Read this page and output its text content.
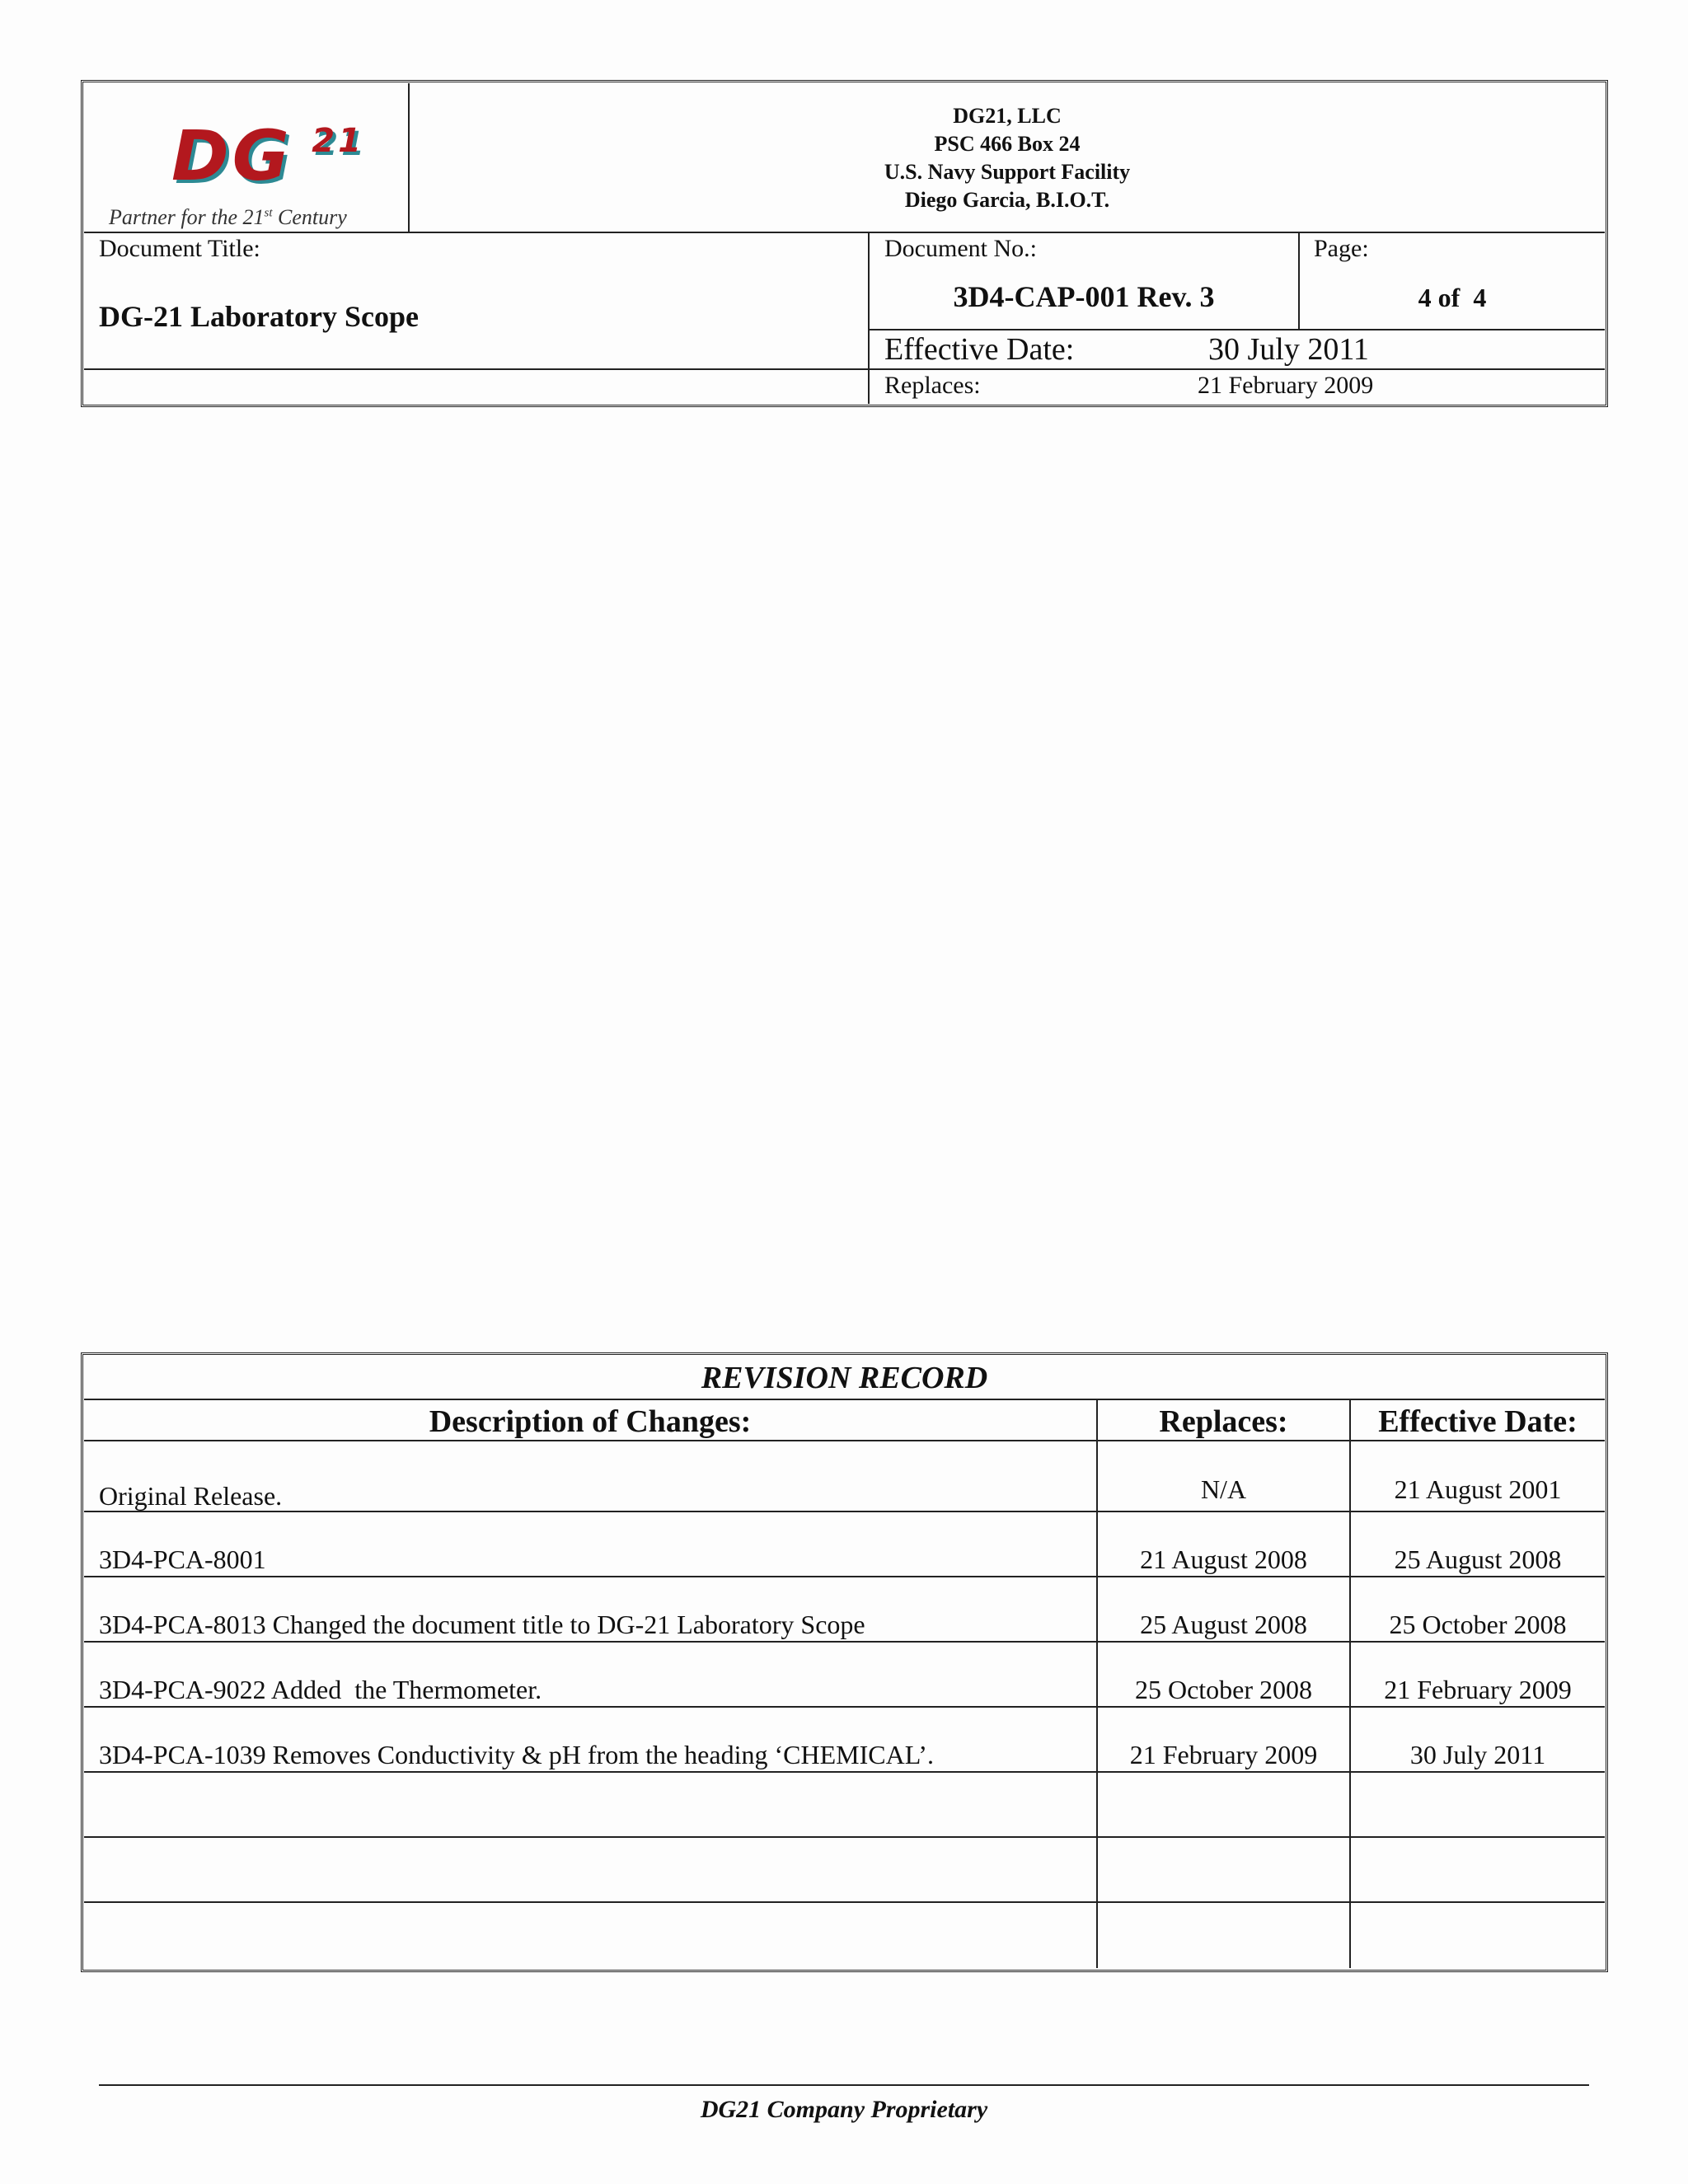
DG 21
Partner for the 21st Century
DG21, LLC
PSC 466 Box 24
U.S. Navy Support Facility
Diego Garcia, B.I.O.T.
Document Title:
DG-21 Laboratory Scope
Document No.:
3D4-CAP-001 Rev. 3
Page:
4 of  4
Effective Date:	30 July 2011
Replaces:	21 February 2009
REVISION RECORD
Description of Changes:	Replaces:	Effective Date:
Original Release.	N/A	21 August 2001
3D4-PCA-8001	21 August 2008	25 August 2008
3D4-PCA-8013 Changed the document title to DG-21 Laboratory Scope	25 August 2008	25 October 2008
3D4-PCA-9022 Added  the Thermometer.	25 October 2008	21 February 2009
3D4-PCA-1039 Removes Conductivity & pH from the heading ‘CHEMICAL’.	21 February 2009	30 July 2011
DG21 Company Proprietary
